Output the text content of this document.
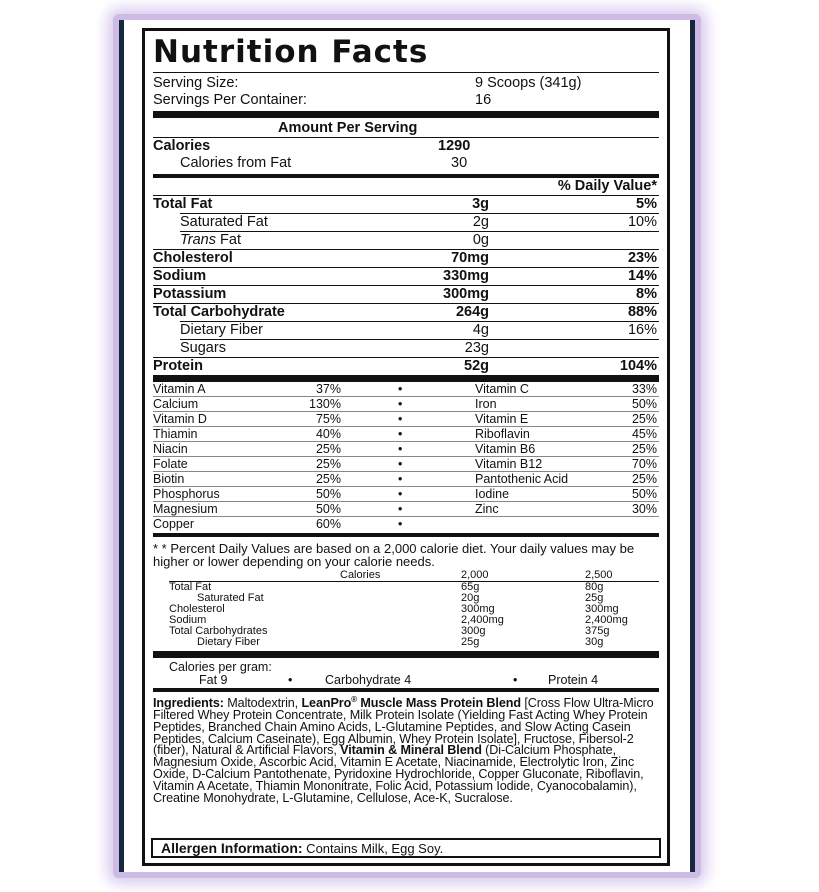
Nutrition Facts
Serving Size:	9 Scoops (341g)
Servings Per Container:	16
Amount Per Serving
Calories	1290
Calories from Fat	30
% Daily Value*
Total Fat	3g	5%
Saturated Fat	2g	10%
Trans Fat	0g
Cholesterol	70mg	23%
Sodium	330mg	14%
Potassium	300mg	8%
Total Carbohydrate	264g	88%
Dietary Fiber	4g	16%
Sugars	23g
Protein	52g	104%
Vitamin A	37%	•	Vitamin C	33%
Calcium	130%	•	Iron	50%
Vitamin D	75%	•	Vitamin E	25%
Thiamin	40%	•	Riboflavin	45%
Niacin	25%	•	Vitamin B6	25%
Folate	25%	•	Vitamin B12	70%
Biotin	25%	•	Pantothenic Acid	25%
Phosphorus	50%	•	Iodine	50%
Magnesium	50%	•	Zinc	30%
Copper	60%	•
* * Percent Daily Values are based on a 2,000 calorie diet. Your daily values may be higher or lower depending on your calorie needs.
Calories	2,000	2,500
Total Fat	65g	80g
Saturated Fat	20g	25g
Cholesterol	300mg	300mg
Sodium	2,400mg	2,400mg
Total Carbohydrates	300g	375g
Dietary Fiber	25g	30g
Calories per gram:
Fat 9	•	Carbohydrate 4	• Protein 4
Ingredients: Maltodextrin, LeanPro® Muscle Mass Protein Blend [Cross Flow Ultra-Micro Filtered Whey Protein Concentrate, Milk Protein Isolate (Yielding Fast Acting Whey Protein Peptides, Branched Chain Amino Acids, L-Glutamine Peptides, and Slow Acting Casein Peptides, Calcium Caseinate), Egg Albumin, Whey Protein Isolate], Fructose, Fibersol-2 (fiber), Natural & Artificial Flavors, Vitamin & Mineral Blend (Di-Calcium Phosphate, Magnesium Oxide, Ascorbic Acid, Vitamin E Acetate, Niacinamide, Electrolytic Iron, Zinc Oxide, D-Calcium Pantothenate, Pyridoxine Hydrochloride, Copper Gluconate, Riboflavin, Vitamin A Acetate, Thiamin Mononitrate, Folic Acid, Potassium Iodide, Cyanocobalamin), Creatine Monohydrate, L-Glutamine, Cellulose, Ace-K, Sucralose.
Allergen Information: Contains Milk, Egg Soy.
